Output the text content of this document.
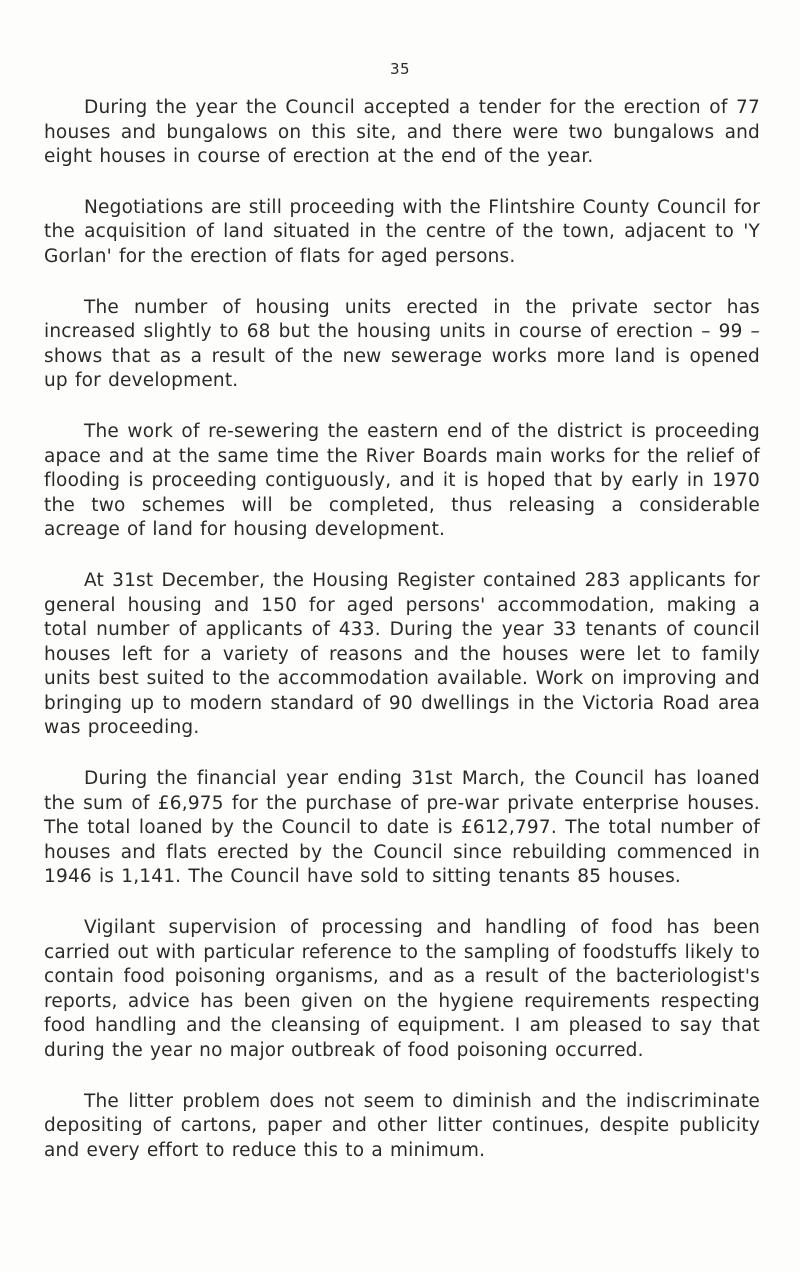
35

During the year the Council accepted a tender for the erection of 77 houses and bungalows on this site, and there were two bungalows and eight houses in course of erection at the end of the year.

Negotiations are still proceeding with the Flintshire County Council for the acquisition of land situated in the centre of the town, adjacent to 'Y Gorlan' for the erection of flats for aged persons.

The number of housing units erected in the private sector has increased slightly to 68 but the housing units in course of erection – 99 – shows that as a result of the new sewerage works more land is opened up for development.

The work of re-sewering the eastern end of the district is proceeding apace and at the same time the River Boards main works for the relief of flooding is proceeding contiguously, and it is hoped that by early in 1970 the two schemes will be completed, thus releasing a considerable acreage of land for housing development.

At 31st December, the Housing Register contained 283 applicants for general housing and 150 for aged persons' accommodation, making a total number of applicants of 433. During the year 33 tenants of council houses left for a variety of reasons and the houses were let to family units best suited to the accommodation available. Work on improving and bringing up to modern standard of 90 dwellings in the Victoria Road area was proceeding.

During the financial year ending 31st March, the Council has loaned the sum of £6,975 for the purchase of pre-war private enterprise houses. The total loaned by the Council to date is £612,797. The total number of houses and flats erected by the Council since rebuilding commenced in 1946 is 1,141. The Council have sold to sitting tenants 85 houses.

Vigilant supervision of processing and handling of food has been carried out with particular reference to the sampling of foodstuffs likely to contain food poisoning organisms, and as a result of the bacteriologist's reports, advice has been given on the hygiene requirements respecting food handling and the cleansing of equipment. I am pleased to say that during the year no major outbreak of food poisoning occurred.

The litter problem does not seem to diminish and the indiscriminate depositing of cartons, paper and other litter continues, despite publicity and every effort to reduce this to a minimum.
